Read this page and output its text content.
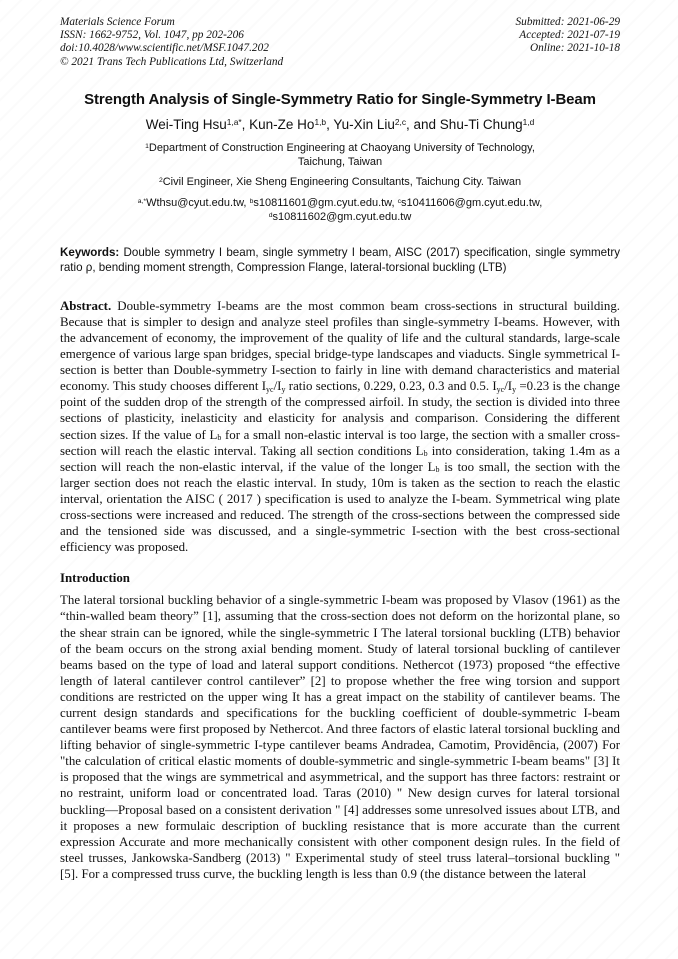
Materials Science Forum
ISSN: 1662-9752, Vol. 1047, pp 202-206
doi:10.4028/www.scientific.net/MSF.1047.202
© 2021 Trans Tech Publications Ltd, Switzerland
Submitted: 2021-06-29
Accepted: 2021-07-19
Online: 2021-10-18
Strength Analysis of Single-Symmetry Ratio for Single-Symmetry I-Beam
Wei-Ting Hsu$^{1,a*}$, Kun-Ze Ho$^{1,b}$, Yu-Xin Liu$^{2,c}$, and Shu-Ti Chung$^{1,d}$
$^1$Department of Construction Engineering at Chaoyang University of Technology, Taichung, Taiwan
$^2$Civil Engineer, Xie Sheng Engineering Consultants, Taichung City. Taiwan
$^{a,*}$Wthsu@cyut.edu.tw, $^b$s10811601@gm.cyut.edu.tw, $^c$s10411606@gm.cyut.edu.tw, $^d$s10811602@gm.cyut.edu.tw

Keywords: Double symmetry I beam, single symmetry I beam, AISC (2017) specification, single symmetry ratio ρ, bending moment strength, Compression Flange, lateral-torsional buckling (LTB)

Abstract. Double-symmetry I-beams are the most common beam cross-sections in structural building. Because that is simpler to design and analyze steel profiles than single-symmetry I-beams. However, with the advancement of economy, the improvement of the quality of life and the cultural standards, large-scale emergence of various large span bridges, special bridge-type landscapes and viaducts. Single symmetrical I-section is better than Double-symmetry I-section to fairly in line with demand characteristics and material economy. This study chooses different $I_{yc}/I_y$ ratio sections, 0.229, 0.23, 0.3 and 0.5. $I_{yc}/I_y =0.23$ is the change point of the sudden drop of the strength of the compressed airfoil. In study, the section is divided into three sections of plasticity, inelasticity and elasticity for analysis and comparison. Considering the different section sizes. If the value of $L_b$ for a small non-elastic interval is too large, the section with a smaller cross-section will reach the elastic interval. Taking all section conditions $L_b$ into consideration, taking 1.4m as a section will reach the non-elastic interval, if the value of the longer $L_b$ is too small, the section with the larger section does not reach the elastic interval. In study, 10m is taken as the section to reach the elastic interval, orientation the AISC ( 2017 ) specification is used to analyze the I-beam. Symmetrical wing plate cross-sections were increased and reduced. The strength of the cross-sections between the compressed side and the tensioned side was discussed, and a single-symmetric I-section with the best cross-sectional efficiency was proposed.

Introduction

The lateral torsional buckling behavior of a single-symmetric I-beam was proposed by Vlasov (1961) as the “thin-walled beam theory” [1], assuming that the cross-section does not deform on the horizontal plane, so the shear strain can be ignored, while the single-symmetric I The lateral torsional buckling (LTB) behavior of the beam occurs on the strong axial bending moment. Study of lateral torsional buckling of cantilever beams based on the type of load and lateral support conditions. Nethercot (1973) proposed “the effective length of lateral cantilever control cantilever” [2] to propose whether the free wing torsion and support conditions are restricted on the upper wing It has a great impact on the stability of cantilever beams. The current design standards and specifications for the buckling coefficient of double-symmetric I-beam cantilever beams were first proposed by Nethercot. And three factors of elastic lateral torsional buckling and lifting behavior of single-symmetric I-type cantilever beams Andradea, Camotim, Providência, (2007) For "the calculation of critical elastic moments of double-symmetric and single-symmetric I-beam beams" [3] It is proposed that the wings are symmetrical and asymmetrical, and the support has three factors: restraint or no restraint, uniform load or concentrated load. Taras (2010) " New design curves for lateral torsional buckling—Proposal based on a consistent derivation " [4] addresses some unresolved issues about LTB, and it proposes a new formulaic description of buckling resistance that is more accurate than the current expression Accurate and more mechanically consistent with other component design rules. In the field of steel trusses, Jankowska-Sandberg (2013) " Experimental study of steel truss lateral–torsional buckling " [5]. For a compressed truss curve, the buckling length is less than 0.9 (the distance between the lateral
